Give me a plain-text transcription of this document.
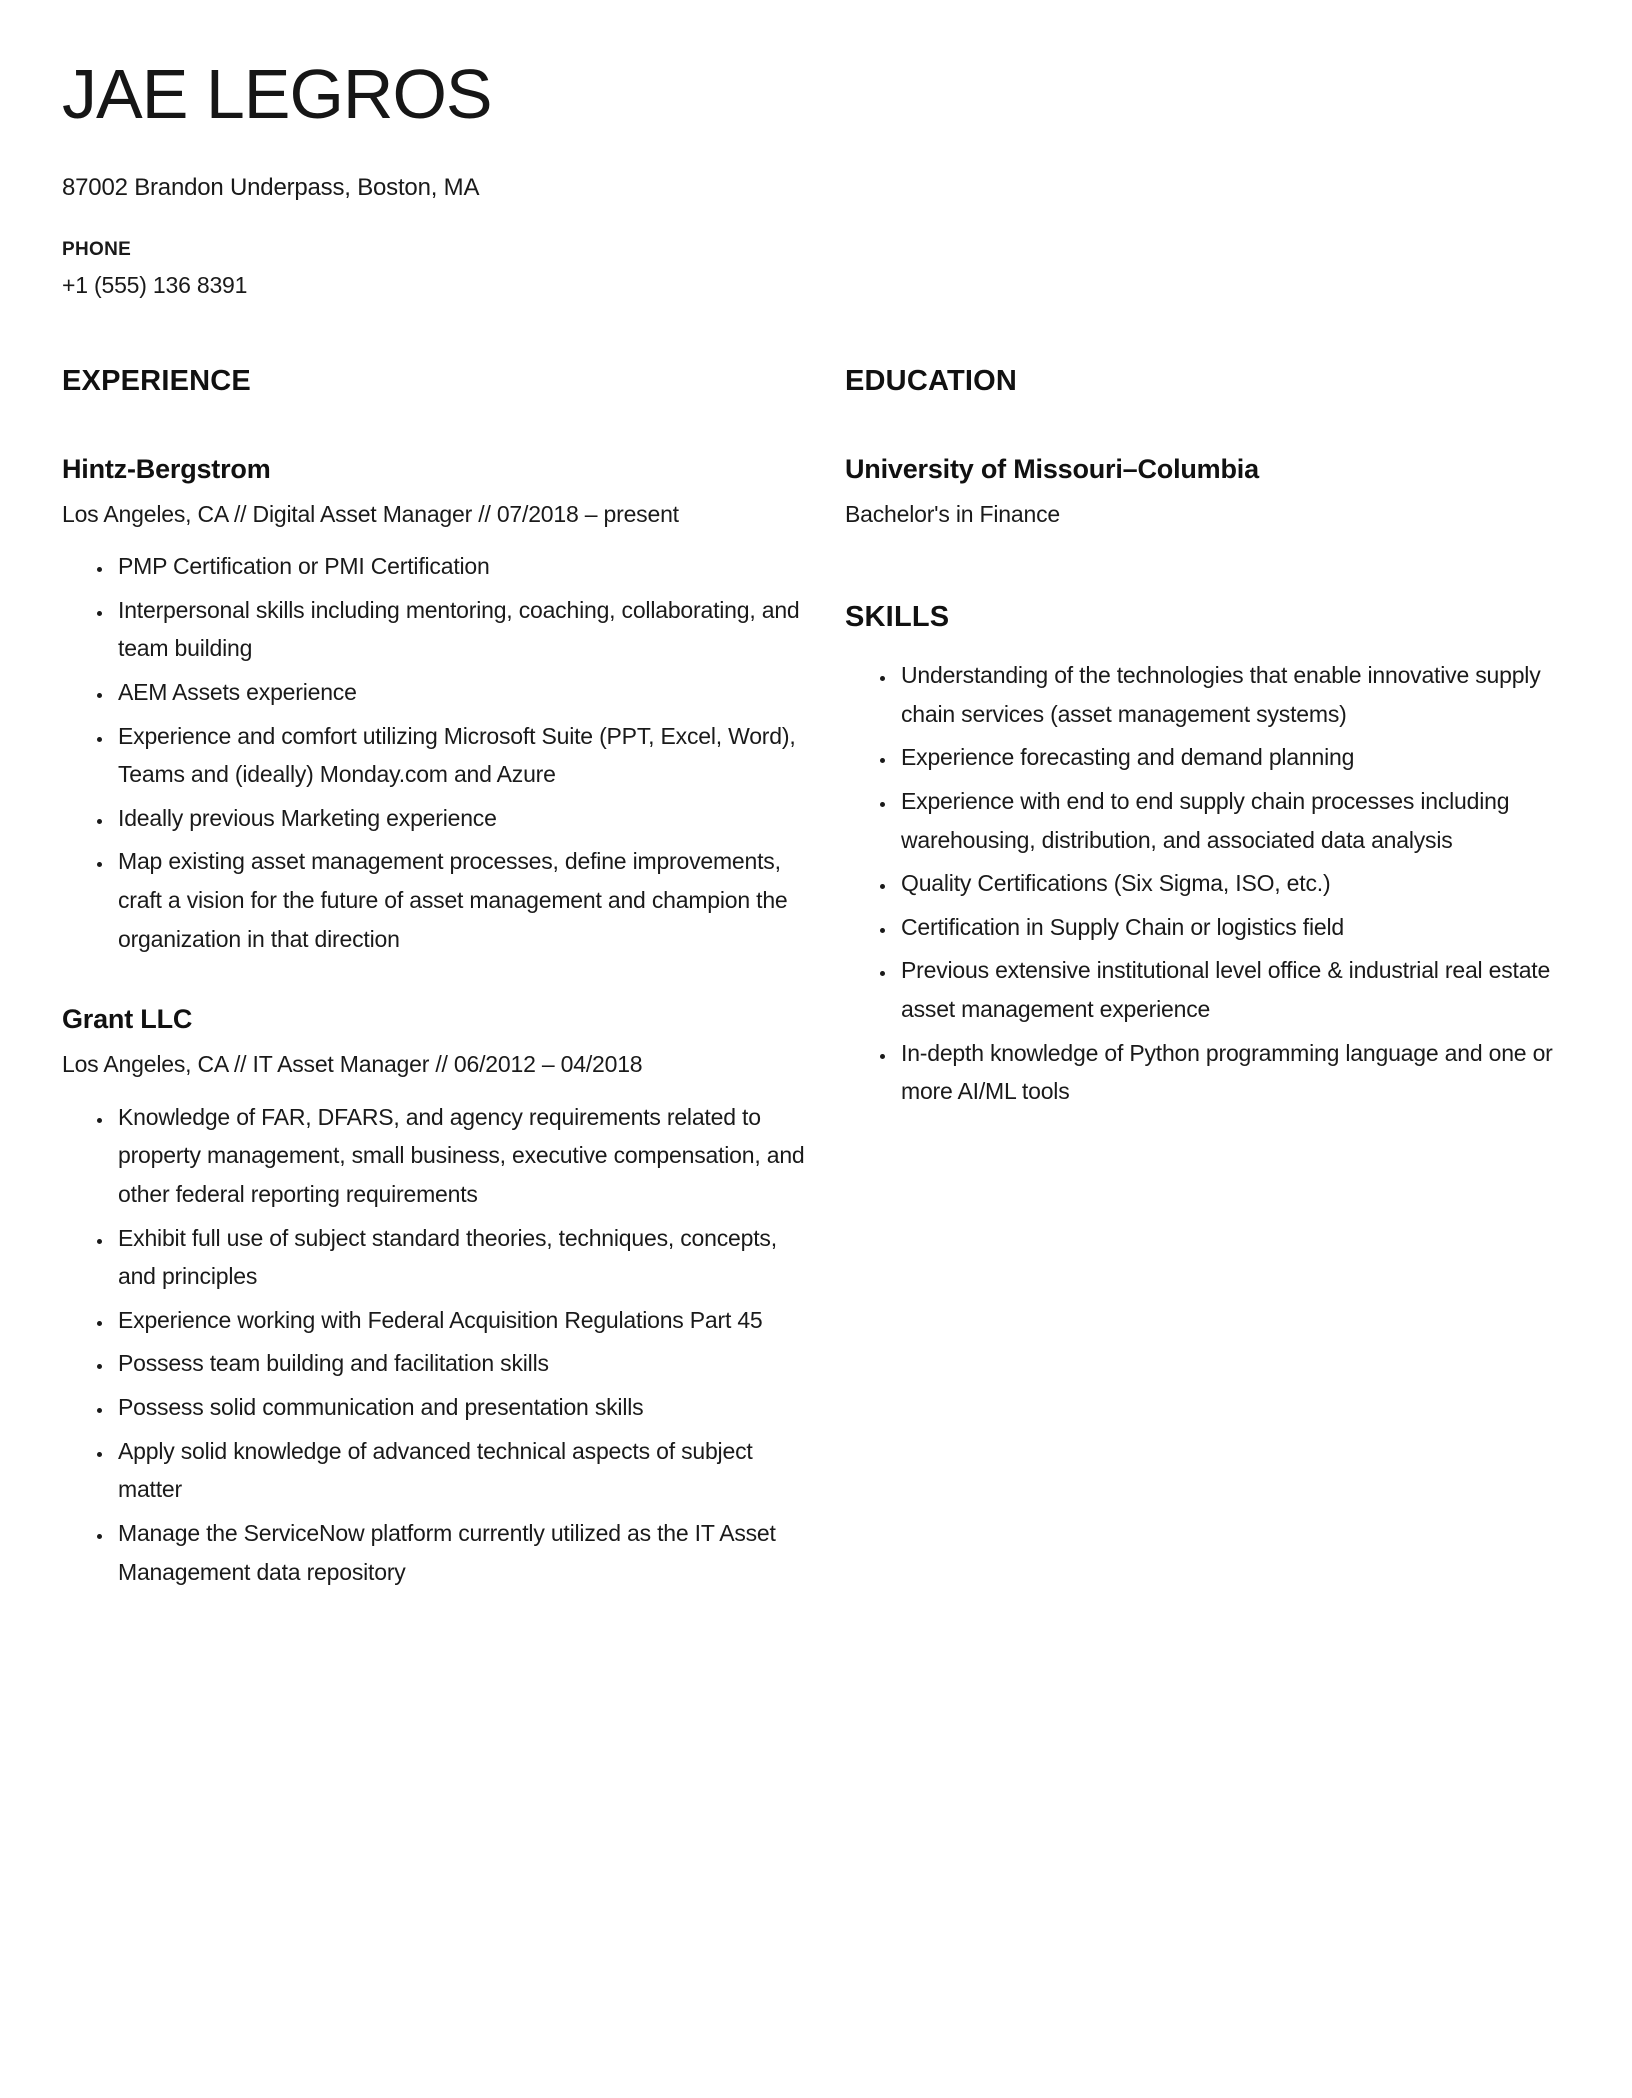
JAE LEGROS
87002 Brandon Underpass, Boston, MA
PHONE
+1 (555) 136 8391
EXPERIENCE
Hintz-Bergstrom
Los Angeles, CA // Digital Asset Manager // 07/2018 – present
• PMP Certification or PMI Certification
• Interpersonal skills including mentoring, coaching, collaborating, and team building
• AEM Assets experience
• Experience and comfort utilizing Microsoft Suite (PPT, Excel, Word), Teams and (ideally) Monday.com and Azure
• Ideally previous Marketing experience
• Map existing asset management processes, define improvements, craft a vision for the future of asset management and champion the organization in that direction
Grant LLC
Los Angeles, CA // IT Asset Manager // 06/2012 – 04/2018
• Knowledge of FAR, DFARS, and agency requirements related to property management, small business, executive compensation, and other federal reporting requirements
• Exhibit full use of subject standard theories, techniques, concepts, and principles
• Experience working with Federal Acquisition Regulations Part 45
• Possess team building and facilitation skills
• Possess solid communication and presentation skills
• Apply solid knowledge of advanced technical aspects of subject matter
• Manage the ServiceNow platform currently utilized as the IT Asset Management data repository
EDUCATION
University of Missouri–Columbia
Bachelor's in Finance
SKILLS
• Understanding of the technologies that enable innovative supply chain services (asset management systems)
• Experience forecasting and demand planning
• Experience with end to end supply chain processes including warehousing, distribution, and associated data analysis
• Quality Certifications (Six Sigma, ISO, etc.)
• Certification in Supply Chain or logistics field
• Previous extensive institutional level office & industrial real estate asset management experience
• In-depth knowledge of Python programming language and one or more AI/ML tools
